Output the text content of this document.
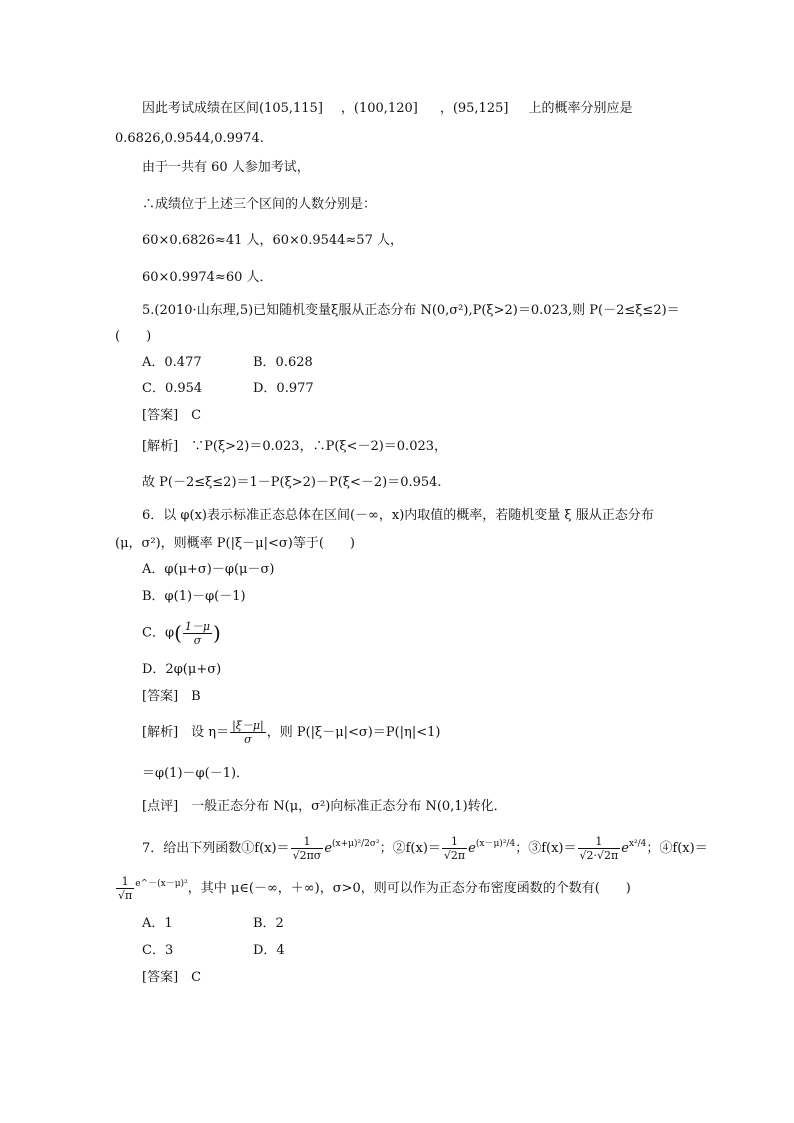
因此考试成绩在区间(105,115] ，(100,120] ，(95,125] 上的概率分别应是
0.6826,0.9544,0.9974.
由于一共有 60 人参加考试，
∴成绩位于上述三个区间的人数分别是：
60×0.6826≈41 人，60×0.9544≈57 人，
60×0.9974≈60 人．
5.(2010·山东理,5)已知随机变量ξ服从正态分布 N(0,σ²),P(ξ>2)＝0.023,则 P(－2≤ξ≤2)＝
(　　)
A．0.477	B．0.628
C．0.954	D．0.977
[答案]　C
[解析]　∵P(ξ>2)＝0.023，∴P(ξ<－2)＝0.023，
故 P(－2≤ξ≤2)＝1－P(ξ>2)－P(ξ<－2)＝0.954.
6．以 φ(x)表示标准正态总体在区间(－∞，x)内取值的概率，若随机变量 ξ 服从正态分布
(μ，σ²)，则概率 P(|ξ－μ|<σ)等于(　　)
A．φ(μ+σ)－φ(μ－σ)
B．φ(1)－φ(－1)
C．$\varphi( \frac{1-\mu}{\sigma}$ )
D．2φ(μ+σ)
[答案]　B
[解析]　设 $\eta= \frac{|\xi-\mu|}{\sigma}$ ，则 P(|ξ－μ|<σ)＝P(|η|<1)
＝φ(1)－φ(－1)．
[点评]　一般正态分布 N(μ，σ²)向标准正态分布 N(0,1)转化．
7．给出下列函数①f(x)＝ $\frac{1}{√2\pi\sigma} e^{(x+\mu)^2/2\sigma^2}$；②f(x)＝ $\frac{1}{√2\pi} e^{(x-\mu)^2/4}$；③f(x)＝ $\frac{1}{√2\cdot√2\pi} e^{x^2/4}$；④f(x)＝
$\frac{1}{√\pi} ^{e\^{}-(x-\mu)^2}$，其中 μ∈(－∞，＋∞)，σ>0，则可以作为正态分布密度函数的个数有(　　)
A．1	B．2
C．3	D．4
[答案]　C
